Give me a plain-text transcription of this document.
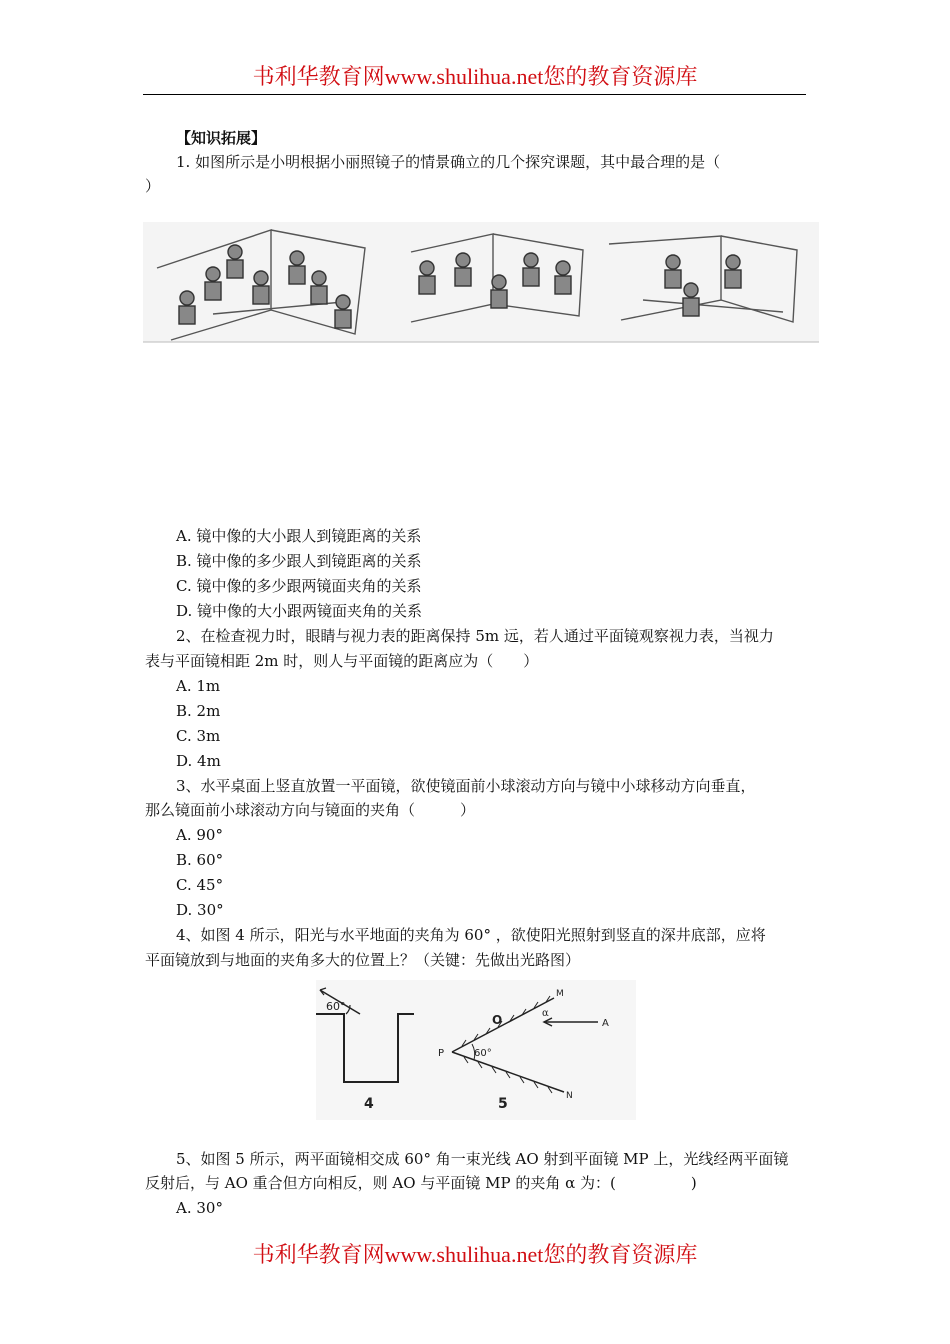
书利华教育网www.shulihua.net您的教育资源库
【知识拓展】
1. 如图所示是小明根据小丽照镜子的情景确立的几个探究课题，其中最合理的是（
）
A. 镜中像的大小跟人到镜距离的关系
B. 镜中像的多少跟人到镜距离的关系
C. 镜中像的多少跟两镜面夹角的关系
D. 镜中像的大小跟两镜面夹角的关系
2、在检查视力时，眼睛与视力表的距离保持 5m 远，若人通过平面镜观察视力表，当视力
表与平面镜相距 2m 时，则人与平面镜的距离应为（　　）
A. 1m
B. 2m
C. 3m
D. 4m
3、水平桌面上竖直放置一平面镜，欲使镜面前小球滚动方向与镜中小球移动方向垂直，
那么镜面前小球滚动方向与镜面的夹角（　　　）
A. 90°
B. 60°
C. 45°
D. 30°
4、如图 4 所示，阳光与水平地面的夹角为 60° ，欲使阳光照射到竖直的深井底部，应将
平面镜放到与地面的夹角多大的位置上？（关键：先做出光路图）
60°
4
M
N
O
P
A
α
60°
5
5、如图 5 所示，两平面镜相交成 60° 角一束光线 AO 射到平面镜 MP 上，光线经两平面镜
反射后，与 AO 重合但方向相反，则 AO 与平面镜 MP 的夹角 α 为：(　　　　　)
A. 30°
书利华教育网www.shulihua.net您的教育资源库
